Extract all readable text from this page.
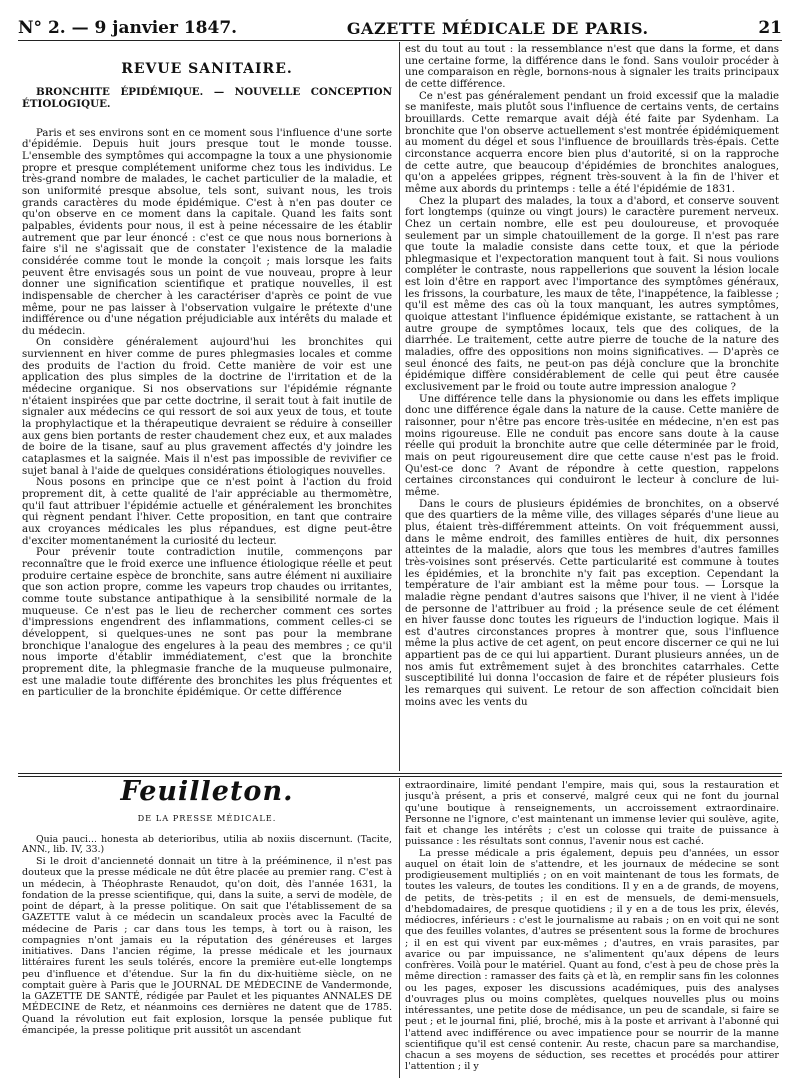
N° 2. — 9 janvier 1847.	GAZETTE MÉDICALE DE PARIS.	21
REVUE SANITAIRE.
BRONCHITE ÉPIDÉMIQUE. — NOUVELLE CONCEPTION ÉTIOLOGIQUE.

Paris et ses environs sont en ce moment sous l'influence d'une sorte d'épidémie. Depuis huit jours presque tout le monde tousse. L'ensemble des symptômes qui accompagne la toux a une physionomie propre et presque complétement uniforme chez tous les individus. Le très-grand nombre de malades, le cachet particulier de la maladie, et son uniformité presque absolue, tels sont, suivant nous, les trois grands caractères du mode épidémique. C'est à n'en pas douter ce qu'on observe en ce moment dans la capitale. Quand les faits sont palpables, évidents pour nous, il est à peine nécessaire de les établir autrement que par leur énoncé : c'est ce que nous nous bornerions à faire s'il ne s'agissait que de constater l'existence de la maladie considérée comme tout le monde la conçoit ; mais lorsque les faits peuvent être envisagés sous un point de vue nouveau, propre à leur donner une signification scientifique et pratique nouvelles, il est indispensable de chercher à les caractériser d'après ce point de vue même, pour ne pas laisser à l'observation vulgaire le prétexte d'une indifférence ou d'une négation préjudiciable aux intérêts du malade et du médecin.

On considère généralement aujourd'hui les bronchites qui surviennent en hiver comme de pures phlegmasies locales et comme des produits de l'action du froid. Cette manière de voir est une application des plus simples de la doctrine de l'irritation et de la médecine organique. Si nos observations sur l'épidémie régnante n'étaient inspirées que par cette doctrine, il serait tout à fait inutile de signaler aux médecins ce qui ressort de soi aux yeux de tous, et toute la prophylactique et la thérapeutique devraient se réduire à conseiller aux gens bien portants de rester chaudement chez eux, et aux malades de boire de la tisane, sauf au plus gravement affectés d'y joindre les cataplasmes et la saignée. Mais il n'est pas impossible de revivifier ce sujet banal à l'aide de quelques considérations étiologiques nouvelles.

Nous posons en principe que ce n'est point à l'action du froid proprement dit, à cette qualité de l'air appréciable au thermomètre, qu'il faut attribuer l'épidémie actuelle et généralement les bronchites qui règnent pendant l'hiver. Cette proposition, en tant que contraire aux croyances médicales les plus répandues, est digne peut-être d'exciter momentanément la curiosité du lecteur.

Pour prévenir toute contradiction inutile, commençons par reconnaître que le froid exerce une influence étiologique réelle et peut produire certaine espèce de bronchite, sans autre élément ni auxiliaire que son action propre, comme les vapeurs trop chaudes ou irritantes, comme toute substance antipathique à la sensibilité normale de la muqueuse. Ce n'est pas le lieu de rechercher comment ces sortes d'impressions engendrent des inflammations, comment celles-ci se développent, si quelques-unes ne sont pas pour la membrane bronchique l'analogue des engelures à la peau des membres ; ce qu'il nous importe d'établir immédiatement, c'est que la bronchite proprement dite, la phlegmasie franche de la muqueuse pulmonaire, est une maladie toute différente des bronchites les plus fréquentes et en particulier de la bronchite épidémique. Or cette différence

est du tout au tout : la ressemblance n'est que dans la forme, et dans une certaine forme, la différence dans le fond. Sans vouloir procéder à une comparaison en règle, bornons-nous à signaler les traits principaux de cette différence.

Ce n'est pas généralement pendant un froid excessif que la maladie se manifeste, mais plutôt sous l'influence de certains vents, de certains brouillards. Cette remarque avait déjà été faite par Sydenham. La bronchite que l'on observe actuellement s'est montrée épidémiquement au moment du dégel et sous l'influence de brouillards très-épais. Cette circonstance acquerra encore bien plus d'autorité, si on la rapproche de cette autre, que beaucoup d'épidémies de bronchites analogues, qu'on a appelées grippes, régnent très-souvent à la fin de l'hiver et même aux abords du printemps : telle a été l'épidémie de 1831.

Chez la plupart des malades, la toux a d'abord, et conserve souvent fort longtemps (quinze ou vingt jours) le caractère purement nerveux. Chez un certain nombre, elle est peu douloureuse, et provoquée seulement par un simple chatouillement de la gorge. Il n'est pas rare que toute la maladie consiste dans cette toux, et que la période phlegmasique et l'expectoration manquent tout à fait. Si nous voulions compléter le contraste, nous rappellerions que souvent la lésion locale est loin d'être en rapport avec l'importance des symptômes généraux, les frissons, la courbature, les maux de tête, l'inappétence, la faiblesse ; qu'il est même des cas où la toux manquant, les autres symptômes, quoique attestant l'influence épidémique existante, se rattachent à un autre groupe de symptômes locaux, tels que des coliques, de la diarrhée. Le traitement, cette autre pierre de touche de la nature des maladies, offre des oppositions non moins significatives. — D'après ce seul énoncé des faits, ne peut-on pas déjà conclure que la bronchite épidémique diffère considérablement de celle qui peut être causée exclusivement par le froid ou toute autre impression analogue ?

Une différence telle dans la physionomie ou dans les effets implique donc une différence égale dans la nature de la cause. Cette manière de raisonner, pour n'être pas encore très-usitée en médecine, n'en est pas moins rigoureuse. Elle ne conduit pas encore sans doute à la cause réelle qui produit la bronchite autre que celle déterminée par le froid, mais on peut rigoureusement dire que cette cause n'est pas le froid. Qu'est-ce donc ? Avant de répondre à cette question, rappelons certaines circonstances qui conduiront le lecteur à conclure de lui-même.

Dans le cours de plusieurs épidémies de bronchites, on a observé que des quartiers de la même ville, des villages séparés d'une lieue au plus, étaient très-différemment atteints. On voit fréquemment aussi, dans le même endroit, des familles entières de huit, dix personnes atteintes de la maladie, alors que tous les membres d'autres familles très-voisines sont préservés. Cette particularité est commune à toutes les épidémies, et la bronchite n'y fait pas exception. Cependant la température de l'air ambiant est la même pour tous. — Lorsque la maladie règne pendant d'autres saisons que l'hiver, il ne vient à l'idée de personne de l'attribuer au froid ; la présence seule de cet élément en hiver fausse donc toutes les rigueurs de l'induction logique. Mais il est d'autres circonstances propres à montrer que, sous l'influence même la plus active de cet agent, on peut encore discerner ce qui ne lui appartient pas de ce qui lui appartient. Durant plusieurs années, un de nos amis fut extrêmement sujet à des bronchites catarrhales. Cette susceptibilité lui donna l'occasion de faire et de répéter plusieurs fois les remarques qui suivent. Le retour de son affection coïncidait bien moins avec les vents du

Feuilleton.
DE LA PRESSE MÉDICALE.

Quia pauci... honesta ab deterioribus, utilia ab noxiis discernunt. (Tacite, ANN., lib. IV, 33.)

Si le droit d'ancienneté donnait un titre à la prééminence, il n'est pas douteux que la presse médicale ne dût être placée au premier rang. C'est à un médecin, à Théophraste Renaudot, qu'on doit, dès l'année 1631, la fondation de la presse scientifique, qui, dans la suite, a servi de modèle, de point de départ, à la presse politique. On sait que l'établissement de sa GAZETTE valut à ce médecin un scandaleux procès avec la Faculté de médecine de Paris ; car dans tous les temps, à tort ou à raison, les compagnies n'ont jamais eu la réputation des généreuses et larges initiatives. Dans l'ancien régime, la presse médicale et les journaux littéraires furent les seuls tolérés, encore la première eut-elle longtemps peu d'influence et d'étendue. Sur la fin du dix-huitième siècle, on ne comptait guère à Paris que le JOURNAL DE MÉDECINE de Vandermonde, la GAZETTE DE SANTÉ, rédigée par Paulet et les piquantes ANNALES DE MÉDECINE de Retz, et néanmoins ces dernières ne datent que de 1785. Quand la révolution eut fait explosion, lorsque la pensée publique fut émancipée, la presse politique prit aussitôt un ascendant

extraordinaire, limité pendant l'empire, mais qui, sous la restauration et jusqu'à présent, a pris et conservé, malgré ceux qui ne font du journal qu'une boutique à renseignements, un accroissement extraordinaire. Personne ne l'ignore, c'est maintenant un immense levier qui soulève, agite, fait et change les intérêts ; c'est un colosse qui traite de puissance à puissance : les résultats sont connus, l'avenir nous est caché.

La presse médicale a pris également, depuis peu d'années, un essor auquel on était loin de s'attendre, et les journaux de médecine se sont prodigieusement multipliés ; on en voit maintenant de tous les formats, de toutes les valeurs, de toutes les conditions. Il y en a de grands, de moyens, de petits, de très-petits ; il en est de mensuels, de demi-mensuels, d'hebdomadaires, de presque quotidiens ; il y en a de tous les prix, élevés, médiocres, inférieurs : c'est le journalisme au rabais ; on en voit qui ne sont que des feuilles volantes, d'autres se présentent sous la forme de brochures ; il en est qui vivent par eux-mêmes ; d'autres, en vrais parasites, par avarice ou par impuissance, ne s'alimentent qu'aux dépens de leurs confrères. Voilà pour le matériel. Quant au fond, c'est à peu de chose près la même direction : ramasser des faits çà et là, en remplir sans fin les colonnes ou les pages, exposer les discussions académiques, puis des analyses d'ouvrages plus ou moins complètes, quelques nouvelles plus ou moins intéressantes, une petite dose de médisance, un peu de scandale, si faire se peut ; et le journal fini, plié, broché, mis à la poste et arrivant à l'abonné qui l'attend avec indifférence ou avec impatience pour se nourrir de la manne scientifique qu'il est censé contenir. Au reste, chacun pare sa marchandise, chacun a ses moyens de séduction, ses recettes et procédés pour attirer l'attention ; il y
